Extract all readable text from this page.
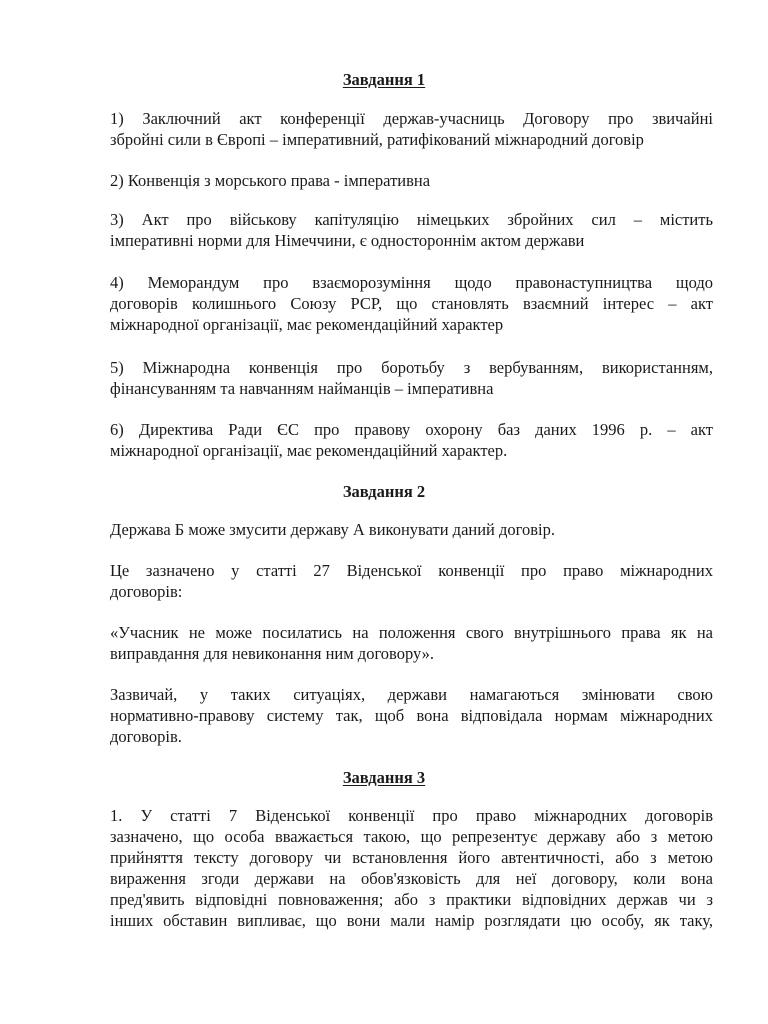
Завдання 1
1) Заключний акт конференції держав-учасниць Договору про звичайні
збройні сили в Європі – імперативний, ратифікований міжнародний договір
2) Конвенція з морського права - імперативна
3) Акт про військову капітуляцію німецьких збройних сил – містить
імперативні норми для Німеччини, є одностороннім актом держави
4) Меморандум про взаєморозуміння щодо правонаступництва щодо
договорів колишнього Союзу РСР, що становлять взаємний інтерес – акт
міжнародної організації, має рекомендаційний характер
5) Міжнародна конвенція про боротьбу з вербуванням, використанням,
фінансуванням та навчанням найманців – імперативна
6) Директива Ради ЄС про правову охорону баз даних 1996 р. – акт
міжнародної організації, має рекомендаційний характер.
Завдання 2
Держава Б може змусити державу А виконувати даний договір.
Це зазначено у статті 27 Віденської конвенції про право міжнародних
договорів:
«Учасник не може посилатись на положення свого внутрішнього права як на
виправдання для невиконання ним договору».
Зазвичай, у таких ситуаціях, держави намагаються змінювати свою
нормативно-правову систему так, щоб вона відповідала нормам міжнародних
договорів.
Завдання 3
1. У статті 7 Віденської конвенції про право міжнародних договорів
зазначено, що особа вважається такою, що репрезентує державу або з метою
прийняття тексту договору чи встановлення його автентичності, або з метою
вираження згоди держави на обов'язковість для неї договору, коли вона
пред'явить відповідні повноваження; або з практики відповідних держав чи з
інших обставин випливає, що вони мали намір розглядати цю особу, як таку,
